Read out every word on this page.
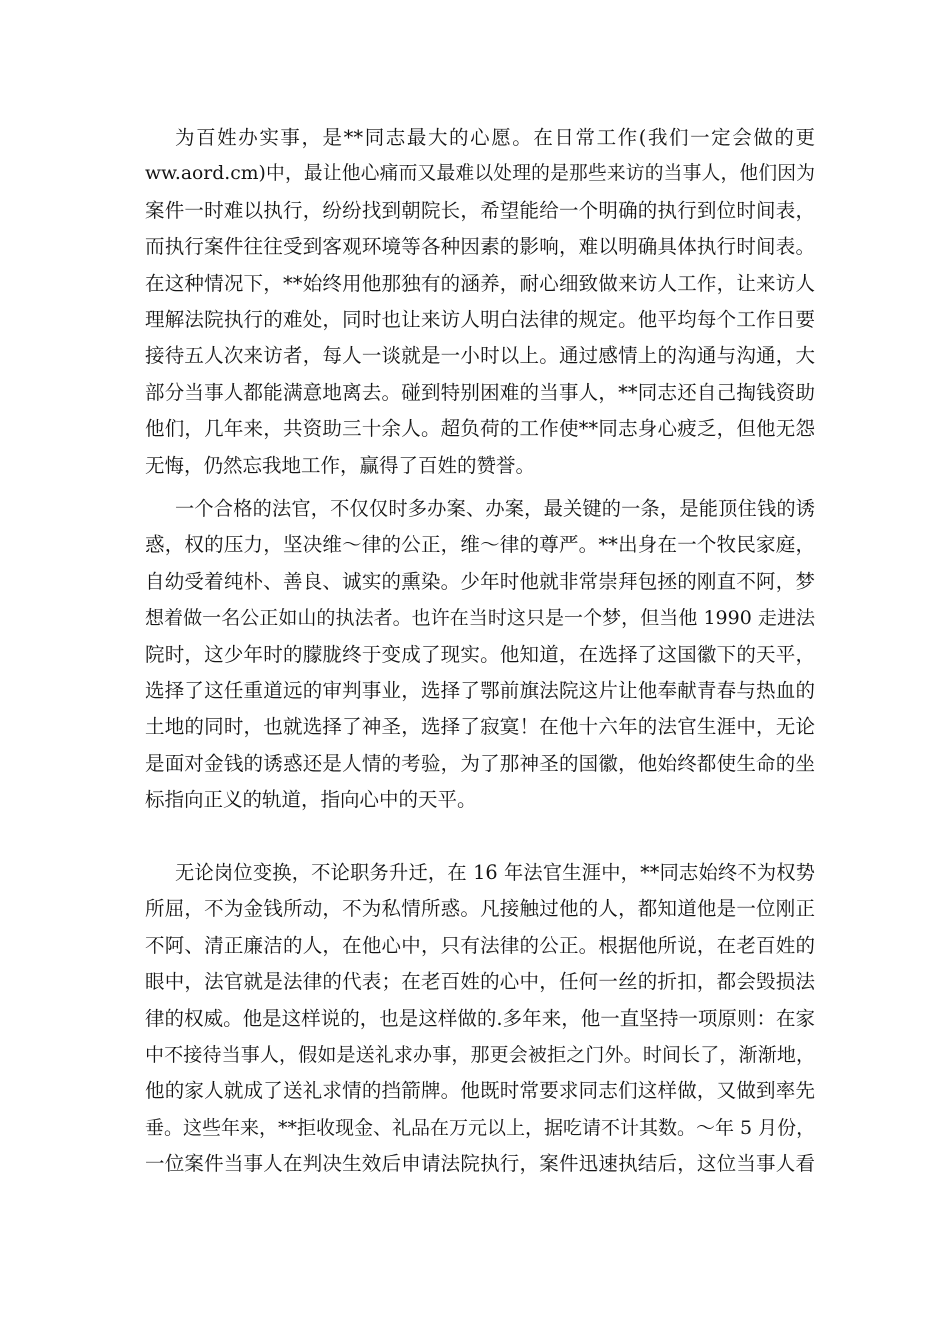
为百姓办实事，是**同志最大的心愿。在日常工作(我们一定会做的更
ww.aord.cm)中，最让他心痛而又最难以处理的是那些来访的当事人，他们因为
案件一时难以执行，纷纷找到朝院长，希望能给一个明确的执行到位时间表，
而执行案件往往受到客观环境等各种因素的影响，难以明确具体执行时间表。
在这种情况下，**始终用他那独有的涵养，耐心细致做来访人工作，让来访人
理解法院执行的难处，同时也让来访人明白法律的规定。他平均每个工作日要
接待五人次来访者，每人一谈就是一小时以上。通过感情上的沟通与沟通，大
部分当事人都能满意地离去。碰到特别困难的当事人，**同志还自己掏钱资助
他们，几年来，共资助三十余人。超负荷的工作使**同志身心疲乏，但他无怨
无悔，仍然忘我地工作，赢得了百姓的赞誉。
一个合格的法官，不仅仅时多办案、办案，最关键的一条，是能顶住钱的诱
惑，权的压力，坚决维～律的公正，维～律的尊严。**出身在一个牧民家庭，
自幼受着纯朴、善良、诚实的熏染。少年时他就非常崇拜包拯的刚直不阿，梦
想着做一名公正如山的执法者。也许在当时这只是一个梦，但当他 1990 走进法
院时，这少年时的朦胧终于变成了现实。他知道，在选择了这国徽下的天平，
选择了这任重道远的审判事业，选择了鄂前旗法院这片让他奉献青春与热血的
土地的同时，也就选择了神圣，选择了寂寞！在他十六年的法官生涯中，无论
是面对金钱的诱惑还是人情的考验，为了那神圣的国徽，他始终都使生命的坐
标指向正义的轨道，指向心中的天平。
无论岗位变换，不论职务升迁，在 16 年法官生涯中，**同志始终不为权势
所屈，不为金钱所动，不为私情所惑。凡接触过他的人，都知道他是一位刚正
不阿、清正廉洁的人，在他心中，只有法律的公正。根据他所说，在老百姓的
眼中，法官就是法律的代表；在老百姓的心中，任何一丝的折扣，都会毁损法
律的权威。他是这样说的，也是这样做的.多年来，他一直坚持一项原则：在家
中不接待当事人，假如是送礼求办事，那更会被拒之门外。时间长了，渐渐地，
他的家人就成了送礼求情的挡箭牌。他既时常要求同志们这样做，又做到率先
垂。这些年来，**拒收现金、礼品在万元以上，据吃请不计其数。～年 5 月份，
一位案件当事人在判决生效后申请法院执行，案件迅速执结后，这位当事人看
